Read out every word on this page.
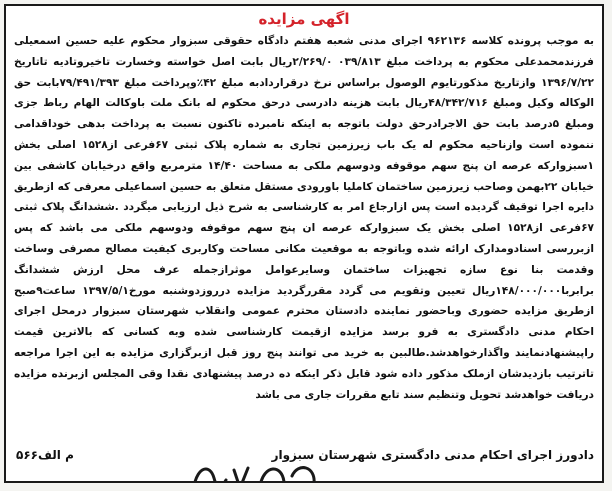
اگهی مزایده
به موجب پرونده کلاسه ۹۶۲۱۳۶ اجرای مدنی شعبه هفتم دادگاه حقوقی سبزوار محکوم علیه حسین اسمعیلی فرزندمحمدعلی محکوم به پرداخت مبلغ ۰۳۹/۸۱۳ ۲/۲۶۹/۰ریال بابت اصل خواسته وخسارت تاخیروتادیه تاتاریخ ۱۳۹۶/۷/۲۲ وازتاریخ مذکورتایوم الوصول براساس نرخ درقراردادبه مبلغ ۴۲٪وپرداخت مبلغ ۷۹/۴۹۱/۳۹۳بابت حق الوکاله وکیل ومبلغ ۴۸/۳۴۲/۷۱۶ریال بابت هزینه دادرسی درحق محکوم له بانک ملت باوکالت الهام رباط جزی ومبلغ ۵درصد بابت حق الاجرادرحق دولت باتوجه به اینکه نامبرده تاکنون نسبت به پرداخت بدهی خوداقدامی ننموده است وازناحیه محکوم له یک باب زیرزمین تجاری به شماره پلاک ثبتی ۶۷فرعی از۱۵۲۸ اصلی بخش ۱سبزوارکه عرصه ان پنج سهم موقوفه ودوسهم ملکی به مساحت ۱۴/۴۰ مترمربع واقع درخیابان کاشفی بین خیابان ۲۲بهمن وصاحب زیرزمین ساختمان کاملیا باورودی مستقل متعلق به حسین اسماعیلی معرفی که ازطریق دایره اجرا توقیف گردیده است پس ازارجاع امر به کارشناسی به شرح ذیل ارزیابی میگردد .ششدانگ پلاک ثبتی ۶۷فرعی از۱۵۲۸ اصلی بخش یک سبزوارکه عرصه ان پنج سهم موقوفه ودوسهم ملکی می باشد که پس ازبررسی اسنادومدارک ارائه شده وباتوجه به موقعیت مکانی مساحت وکاربری کیفیت مصالح مصرفی وساخت وقدمت بنا نوع سازه تجهیزات ساختمان وسایرعوامل موثرازجمله عرف محل ارزش ششدانگ برابربا۱۴۸/۰۰۰/۰۰۰ریال تعیین وتقویم می گردد مقررگردید مزایده درروزدوشنبه مورخ۱۳۹۷/۵/۱ ساعت۹صبح ازطریق مزایده حضوری وباحضور نماینده دادستان محترم عمومی وانقلاب شهرستان سبزوار درمحل اجرای احکام مدنی دادگستری به فرو برسد مزایده ازقیمت کارشناسی شده وبه کسانی که بالاترین قیمت راپیشنهادنمایند واگذارخواهدشد.طالبین به خرید می توانند پنج روز قبل ازبرگزاری مزایده به این اجرا مراجعه تاترتیب بازدیدشان ازملک مذکور داده شود قابل ذکر اینکه ده درصد پیشنهادی نقدا وقی المجلس ازبرنده مزایده دریافت خواهدشد تحویل وتنظیم سند تابع مقررات جاری می باشد
دادورز اجرای احکام مدنی دادگستری شهرستان سبزوار
م الف۵۶۶
